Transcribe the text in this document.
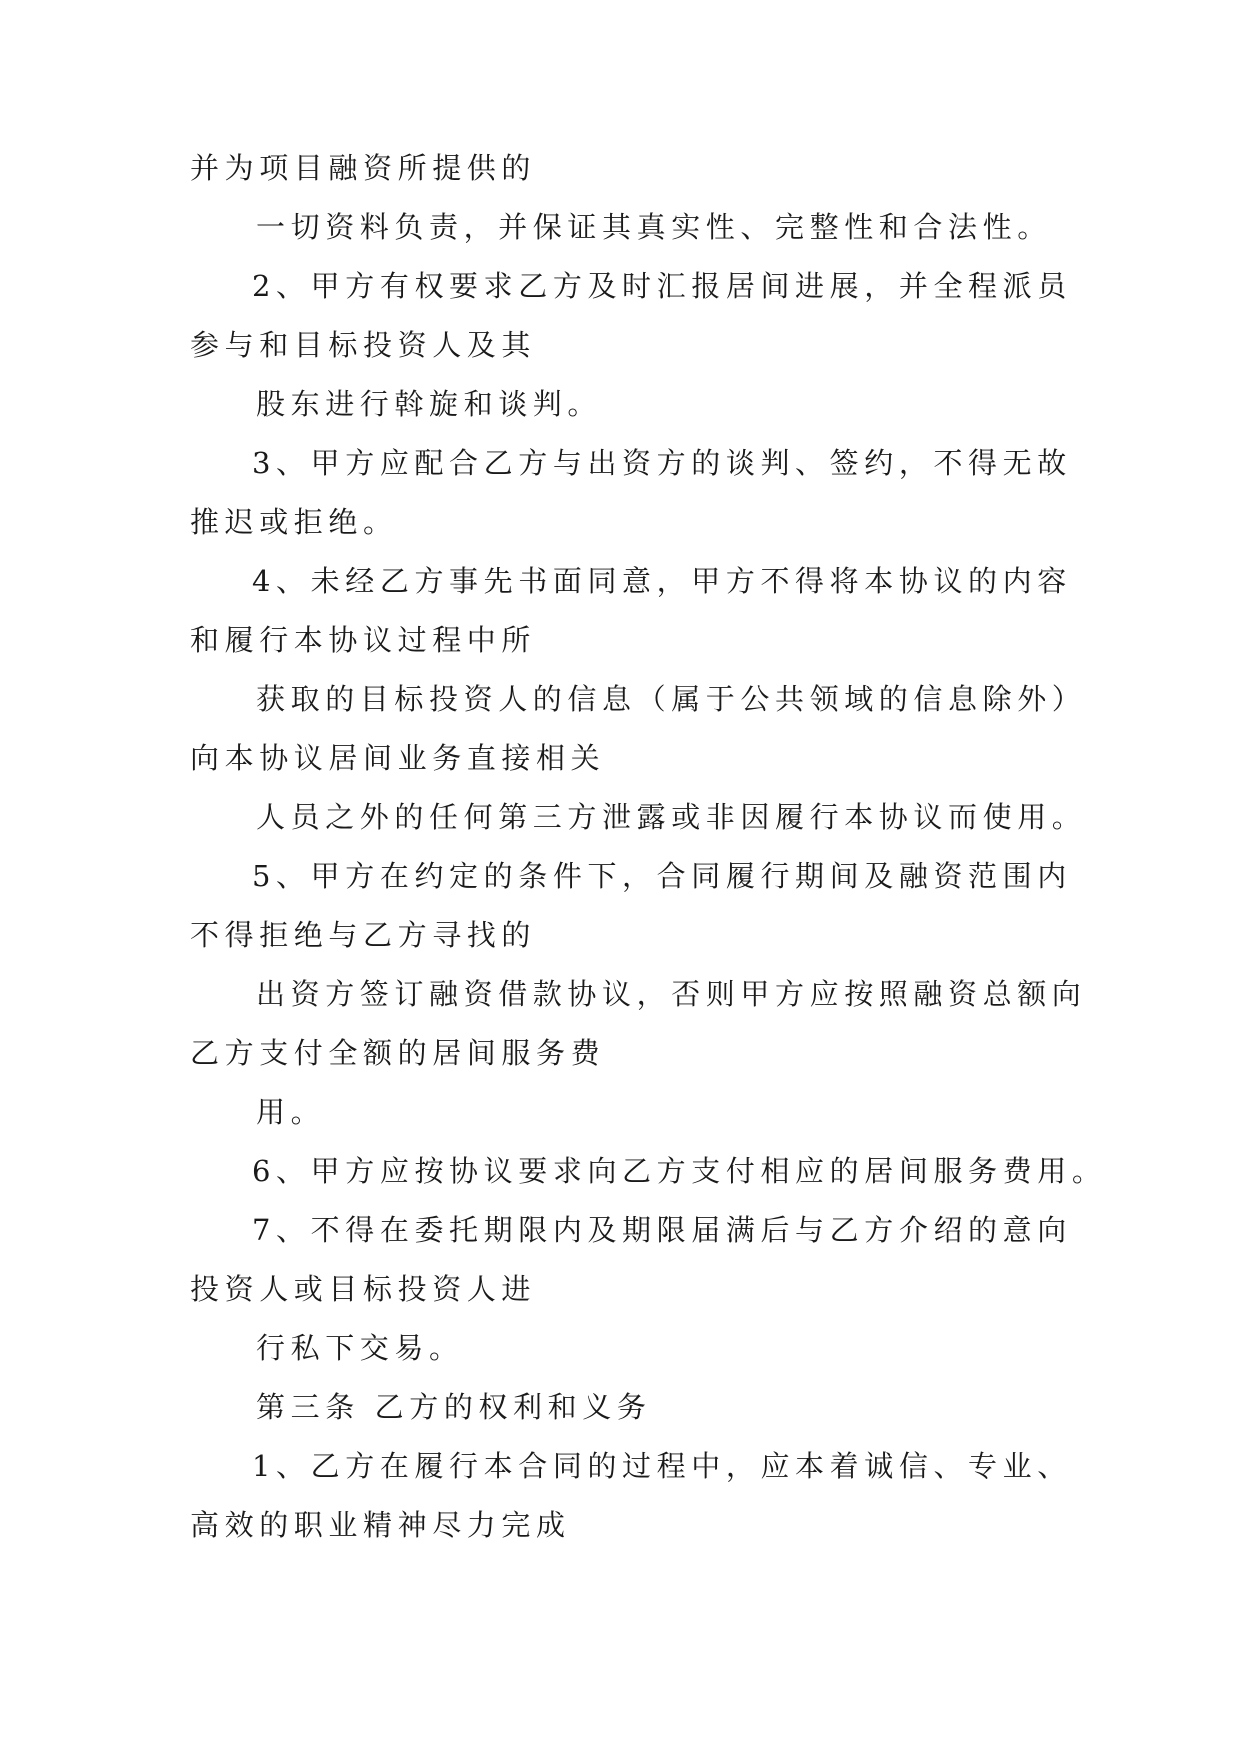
并为项目融资所提供的
一切资料负责，并保证其真实性、完整性和合法性。
2、甲方有权要求乙方及时汇报居间进展，并全程派员
参与和目标投资人及其
股东进行斡旋和谈判。
3、甲方应配合乙方与出资方的谈判、签约，不得无故
推迟或拒绝。
4、未经乙方事先书面同意，甲方不得将本协议的内容
和履行本协议过程中所
获取的目标投资人的信息（属于公共领域的信息除外）
向本协议居间业务直接相关
人员之外的任何第三方泄露或非因履行本协议而使用。
5、甲方在约定的条件下，合同履行期间及融资范围内
不得拒绝与乙方寻找的
出资方签订融资借款协议，否则甲方应按照融资总额向
乙方支付全额的居间服务费
用。
6、甲方应按协议要求向乙方支付相应的居间服务费用。
7、不得在委托期限内及期限届满后与乙方介绍的意向
投资人或目标投资人进
行私下交易。
第三条 乙方的权利和义务
1、乙方在履行本合同的过程中，应本着诚信、专业、
高效的职业精神尽力完成
